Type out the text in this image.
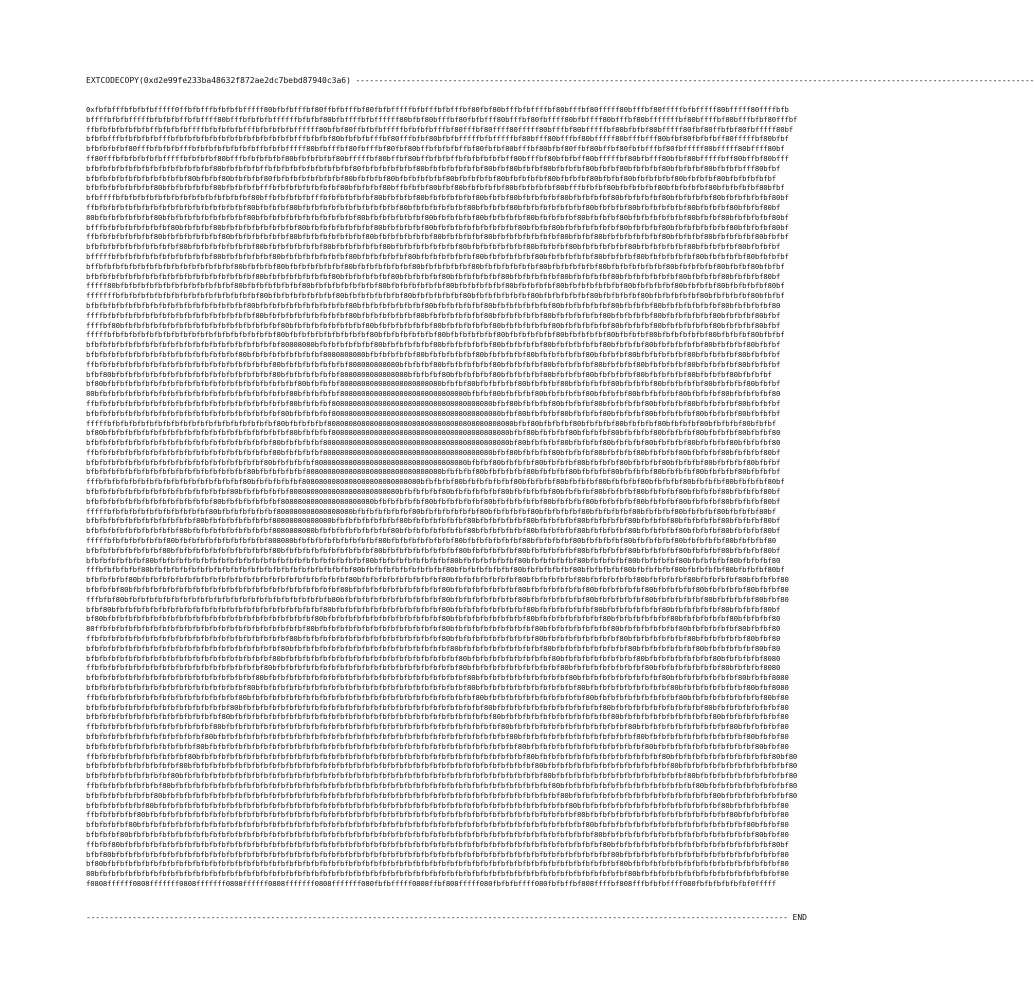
EXTCODECOPY(0xd2e99fe233ba48632f872ae2dc7bebd87940c3a6) ---------------------------------------------------------------------------------------------------------------------------------------------------
0xfbfbfffbfbfbfbfffff0ffbfbfffbfbfbfbfffff80bfbfbfffbf80ffbfbfffbf80fbfbfffffbfbfffbfbfffbf80fbf80bfffbfbffffbf80bfffbf80fffff80bfffbf80fffffbfbfffff80bfffff80ffffbfb
bffffbfbfbfffffbfbfbfbffbfbffff80bfffbfbfbfbffffffbfbfbf80bfbffffbfbffffff80bfbf80bfffbf80fbfbfff80bfffbf80fbffff80bfbffff80bfffbf80bfffffffbf80bffffbf80bfffbfbf80fffbf
ffbfbfbfbfbfbfbffbfbfbfbffffbfbfbfbfbfffbfbfbfbfbffffff80bfbf80ffbfbfbfffffbfbfbfbfffbf80fffbf80ffff80fffff80bfffbf80bfffffbf80bfbfbf80bfffff80fbf80ffbfbf80fbfffff80bf
bfbfbfffbfbfbfbfbfffbfbfbfbfbfbfbfbfbfbfbfbfbfbfbfffbfbfbf80bfbfbfbfffbf80fffbfbf80bfbfbfffffbfbfffffbf80bfff80bfffbf80bfffff80bfffbfff80bfbf80fbfbfbff80fffffbf80bfbf
bfbfbfbfbf80fffbfbfbfbfffbfbfbfbfbfbfbfbffbfbfbfffff80bfbfffbf80fbfffbf80fbf80bffbfbfbfbffbf80fbfbf80bfffbf80bfbf80ffbf80bffbf80fbfbfffbf80fbfffff80bfffff80bffff80bf
ff80fffbfbfbfbfbfbfffffbfbfbfbf80bfffbfbfbfbfbf80bfbfbfbfbf80bfffffbf80bffbf80bffbfbfbffbfbfbfbfbfbff80bfffbf80bfbfbff80bfffffbf80bfbfff80bfbf80bfffffbff80bffbf80bfff
bfbfbfbfbfbfbfbfbfbfbfbfbfbfbf80bfbfbfbfbffbfbfbfbfbfbfbfbfbfbf80fbfbfbfbfbfbf80bfbfbfbfbfbfbf80bfbf80bfbfbf80bfbfbfbf80bfbfbf80bfbfbfbf80bfbfbfbf80bfbfbfbfff80bfbf
bfbfbfbfbfbfbfbfbfbfbfbf80bfbfbf80bfbfbfbf80fbfbfbfbfbfbfbfbf80bfbfbfbf80bfbfbfbfbfbf80bfbfbfbfbf80bfbfbfbfbf80bfbfbfbf80bfbfbf80bfbfbfbfbf80bfbfbfbf80bfbfbfbfbfbf
bfbfbfbfbfbfbfbf80bfbfbfbfbfbf80bfbfbfbfbfffbfbfbfbfbfbfbfbf80bfbfbfbf80bffbfbfbf80bfbf80bfbfbfbfbf80bfbfbfbfbf80bfffbfbfbf80bfbfbfbfbf80bfbfbfbfbf80bfbfbfbfbf80bfbf
bfbffffbfbfbfbfbfbfbfbfbfbfbfbfbfbfbfbf80bffbfbfbfbfbfffbfbfbfbfbfbf80bfbfbfbf80bfbfbfbfbfbf80bfbfbf80bfbfbfbfbf80bfbfbfbfbf80bfbfbfbfbf80bfbfbfbfbf80bfbfbfbfbfbf80bf
ffbfbfbfbfbfbfbfbfbfbfbfbfbfbfbfbfbfbf80bfbfbfbf80bfbfbfbfbfbfbfbfbfbfbfbf80bfbfbfbfbfbfbf80bfbfbfbf80bfbfbfbfbfbfbfbf80bfbfbfbf80bfbfbfbfbfbf80bfbfbfbf80bfbfbf80bf
80bfbfbfbfbfbfbf80bfbfbfbfbfbfbfbfbfbf80bfbfbfbfbfbfbfbfbfbfbfbf80bfbfbfbfbfbfbf80bfbfbfbfbf80bfbfbfbfbf80bfbfbfbfbf80bfbfbfbf80bfbfbfbfbfbfbf80bfbfbf80bfbfbfbfbf80bf
bfffbfbfbfbfbfbfbfbf80bfbfbfbf80bfbfbfbfbfbfbfbfbf80bfbfbfbfbfbfbfbf80bfbfbfbfbf80bfbfbfbfbfbfbfbfbfbf80bfbfbf80bfbfbfbfbfbfbf80bfbfbfbf80bfbfbfbfbfbfbf80bfbfbfbf80bf
ffbfbfbfbfbfbfbf80bfbfbfbfbfbfbf80bfbfbfbfbfbfbf80bfbfbfbfbfbfbfbf80bfbfbfbfbfbfbf80bfbfbfbfbf80bfbfbfbfbfbfbfbf80bfbfbf80bfbfbfbfbfbfbf80bfbfbfbf80bfbfbfbfbf80bfbfbf
bfbfbfbfbfbfbfbfbfbfbf80bfbfbfbfbfbfbfbf80bfbfbfbfbfbfbf80bfbfbfbfbfbf80bfbfbfbfbfbfbfbf80bfbfbfbfbfbfbf80bfbfbfbf80bfbfbfbfbfbf80bfbfbfbfbfbf80bfbfbfbfbf80bfbfbfbf
bfffffbfbfbfbfbfbfbfbfbfbfbfbf80bfbfbfbfbfbf80bfbfbfbfbfbfbfbf80bfbfbfbfbfbf80bfbfbfbfbfbfbf80bfbfbfbfbfbf80bfbfbfbfbfbf80bfbfbfbf80bfbfbfbfbfbf80bfbfbfbfbf80bfbfbfbf
bffbfbfbfbfbfbfbfbfbfbfbfbfbfbfbfbf80bfbfbfbf80bfbfbfbfbfbfbf80bfbfbfbfbfbfbf80bfbfbfbfbfbf80bfbfbfbfbfbfbf80bfbfbfbfbfbf80bfbfbfbfbfbfbf80bfbfbfbfbf80bfbfbf80bfbfbf
bfbfbfbfbfbfbfbfbfbfbfbfbfbfbfbfbfbfbfbf80bfbfbfbfbfbfbfbf80bfbfbfbfbfbf80bfbfbfbfbf80bfbfbfbfbfbf80bfbfbfbfbfbf80bfbfbfbfbf80bfbfbfbfbfbfbf80bfbfbfbf80bfbfbfbf80bf
fffff80bfbfbfbfbfbfbfbfbfbfbfbfbfbf80bfbfbfbfbfbfbf80bfbfbfbfbfbfbfbf80bfbfbfbfbfbfbf80bfbfbfbfbfbf80bfbfbfbfbf80bfbfbfbfbfbfbf80bfbfbfbfbf80bfbfbfbf80bfbfbfbfbf80bf
fffffffbfbfbfbfbfbfbfbfbfbfbfbfbfbfbfbfbf80bfbfbfbfbfbfbfbf80bfbfbfbfbfbfbf80bfbfbfbfbfbf80bfbfbfbfbfbfbf80bfbfbfbfbfbf80bfbfbfbfbf80bfbfbfbfbfbf80bfbfbfbfbf80bfbfbf
bfbfbfbfbfbfbfbfbfbfbfbfbfbfbfbfbfbfbf80bfbfbfbfbfbfbfbfbfbfbf80bfbfbfbfbfbfbfbf80bfbfbfbfbfbf80bfbfbfbfbfbfbf80bfbfbfbfbfbf80bfbfbfbf80bfbfbfbfbfbfbf80bfbfbfbfbf80
ffffbfbfbfbfbfbfbfbfbfbfbfbfbfbfbfbfbfbf80bfbfbfbfbfbfbfbfbfbf80bfbfbfbfbfbfbf80bfbfbfbfbfbfbf80bfbfbfbfbfbf80bfbfbfbfbfbf80bfbfbfbfbf80bfbfbfbfbfbf80bfbfbfbf80bfbf
ffffbf80bfbfbfbfbfbfbfbfbfbfbfbfbfbfbfbfbfbfbf80bfbfbfbfbfbfbfbfbf80bfbfbfbfbfbfbf80bfbfbfbfbfbf80bfbfbfbfbfbf80bfbfbfbfbfbf80bfbfbfbf80bfbfbfbfbfbf80bfbfbfbf80bfbf
fffffbfbfbfbfbfbfbfbfbfbfbfbfbfbfbfbfbfbfbfbf80bfbfbfbfbfbfbfbfbfbf80bfbfbfbfbfbfbf80bfbfbfbfbfbf80bfbfbfbfbfbf80bfbfbfbfbf80bfbfbfbf80bfbfbfbfbfbf80bfbfbfbf80bfbfbf
bfbfbfbfbfbfbfbfbfbfbfbfbfbfbfbfbfbfbfbfbfbfbf80808080bfbfbfbfbfbfbf80bfbfbfbfbfbf80bfbfbfbfbfbf80bfbfbfbfbf80bfbfbfbfbfbf80bfbfbfbf80bfbfbfbfbfbf80bfbfbfbf80bfbfbf
bfbfbfbfbfbfbfbfbfbfbfbfbfbfbfbfbfbf80bfbfbfbfbfbfbfbfbf8080808080bfbfbfbfbfbf80bfbfbfbfbfbf80bfbfbfbfbf80bfbfbfbfbfbf80bfbfbfbf80bfbfbfbfbfbf80bfbfbfbfbf80bfbfbfbf
ffbfbfbfbfbfbfbfbfbfbfbfbfbfbfbfbfbfbfbfbfbf80bfbfbfbfbfbfbfbf808080808080bfbfbfbf80bfbfbfbfbfbf80bfbfbfbfbf80bfbfbfbfbf80bfbfbfbf80bfbfbfbfbf80bfbfbfbfbf80bfbfbfbf
bfbf80bfbfbfbfbfbfbfbfbfbfbfbfbfbfbfbfbfbfbf80bfbfbfbfbfbfbf8080808080808080bfbfbfbf80bfbfbfbfbf80bfbfbfbfbf80bfbfbfbf80bfbfbfbfbf80bfbfbfbfbf80bfbfbfbf80bfbfbfbf
bf80bfbfbfbfbfbfbfbfbfbfbfbfbfbfbfbfbfbfbfbfbfbfbf80bfbfbfbf808080808080808080808080bfbfbf80bfbfbfbfbf80bfbfbfbf80bfbfbfbfbf80bfbfbfbf80bfbfbfbfbf80bfbfbfbf80bfbfbf
80bfbfbfbfbfbfbfbfbfbfbfbfbfbfbfbfbfbfbfbfbfbfbf80bfbfbfbfbf808080808080808080808080808080bfbfbf80bfbfbfbf80bfbfbfbfbf80bfbfbfbf80bfbfbfbfbf80bfbfbfbf80bfbfbfbfbf80
ffbfbfbfbfbfbfbfbfbfbfbfbfbfbfbfbfbfbfbfbfbfbfbf80bfbfbfbf80808080808080808080808080808080808080bfbf80bfbfbfbf80bfbfbfbf80bfbfbfbfbf80bfbfbfbf80bfbfbfbfbf80bfbfbfbf
bfbfbfbfbfbfbfbfbfbfbfbfbfbfbfbfbfbfbfbfbfbfbf80bfbfbfbfbf8080808080808080808080808080808080808080bfbf80bfbfbfbf80bfbfbfbf80bfbfbfbf80bfbfbfbfbf80bfbfbfbf80bfbfbfbf
fffffbfbfbfbfbfbfbfbfbfbfbfbfbfbfbfbfbfbfbfbf80bfbfbfbfbf80808080808080808080808080808080808080808080bfbf80bfbfbfbf80bfbfbfbf80bfbfbfbf80bfbfbfbf80bfbfbfbf80bfbfbf
bf80bfbfbfbfbfbfbfbfbfbfbfbfbfbfbfbfbfbfbfbfbfbf80bfbfbfbf808080808080808080808080808080808080808080bfbf80bfbfbfbf80bfbfbfbf80bfbfbfbf80bfbfbfbf80bfbfbfbf80bfbfbf80
bfbfbfbfbfbfbfbfbfbfbfbfbfbfbfbfbfbfbfbfbfbf80bfbfbfbfbf80808080808080808080808080808080808080808080bf80bfbfbfbf80bfbfbfbf80bfbfbfbf80bfbfbfbf80bfbfbfbf80bfbfbfbf80
ffbfbfbfbfbfbfbfbfbfbfbfbfbfbfbfbfbfbfbfbfbf80bfbfbfbfbf8080808080808080808080808080808080808080bfbf80bfbfbfbf80bfbfbfbf80bfbfbfbf80bfbfbfbf80bfbfbfbf80bfbfbfbf80bf
bfbfbfbfbfbfbfbfbfbfbfbfbfbfbfbfbfbfbfbfbf80bfbfbfbfbf808080808080808080808080808080808080bfbfbf80bfbfbfbf80bfbfbfbf80bfbfbfbf80bfbfbfbf80bfbfbfbf80bfbfbfbf80bfbfbf
bfbfbfbfbfbfbfbfbfbfbfbfbfbfbfbfbfbfbf80bfbfbfbfbfbf80808080808080808080808080808080bfbfbfbf80bfbfbfbfbf80bfbfbfbf80bfbfbfbf80bfbfbfbf80bfbfbfbf80bfbfbfbf80bfbfbfbf
fffbfbfbfbfbfbfbfbfbfbfbfbfbfbfbfbfbf80bfbfbfbfbfbf8080808080808080808080808080bfbfbfbf80bfbfbfbfbfbf80bfbfbfbf80bfbfbfbf80bfbfbfbf80bfbfbfbf80bfbfbfbf80bfbfbfbf80bf
bfbfbfbfbfbfbfbfbfbfbfbfbfbfbfbfbf80bfbfbfbfbfbf80808080808080808080808080bfbfbfbfbf80bfbfbfbfbfbf80bfbfbfbfbf80bfbfbfbf80bfbfbfbf80bfbfbfbf80bfbfbfbf80bfbfbfbf80bf
bfbfbfbfbfbfbfbfbfbfbfbfbfbfbf80bfbfbfbfbfbfbf8080808080808080808080bfbfbfbfbfbf80bfbfbfbfbfbf80bfbfbfbfbfbf80bfbfbfbf80bfbfbfbfbf80bfbfbfbf80bfbfbfbf80bfbfbfbf80bf
fffffbfbfbfbfbfbfbfbfbfbfbfbf80bfbfbfbfbfbfbf808080808080808080bfbfbfbfbfbfbf80bfbfbfbfbfbfbf80bfbfbfbfbf80bfbfbfbfbf80bfbfbfbfbf80bfbfbfbf80bfbfbfbf80bfbfbfbf80bf
bfbfbfbfbfbfbfbfbfbfbfbfbf80bfbfbfbfbfbfbfbf80808080808080bfbfbfbfbfbfbfbf80bfbfbfbfbfbfbf80bfbfbfbfbfbf80bfbfbfbfbf80bfbfbfbfbf80bfbfbfbf80bfbfbfbfbf80bfbfbfbf80bf
bfbfbfbfbfbfbfbfbfbfbf80bfbfbfbfbfbfbfbfbfbf8080808080bfbfbfbfbfbfbfbfbf80bfbfbfbfbfbfbfbf80bfbfbfbfbfbf80bfbfbfbfbf80bfbfbfbfbf80bfbfbfbfbf80bfbfbfbf80bfbfbfbf80bf
fffffbfbfbfbfbfbfbf80bfbfbfbfbfbfbfbfbfbfbf808080bfbfbfbfbfbfbfbfbfbf80bfbfbfbfbfbfbfbf80bfbfbfbfbfbfbf80bfbfbfbfbf80bfbfbfbfbf80bfbfbfbfbf80bfbfbfbfbf80bfbfbfbf80
bfbfbfbfbfbfbfbfbf80bfbfbfbfbfbfbfbfbfbfbfbf80bfbfbfbfbfbfbfbfbfbfbf80bfbfbfbfbfbfbfbfbf80bfbfbfbfbfbf80bfbfbfbfbfbf80bfbfbfbfbf80bfbfbfbfbf80bfbfbfbf80bfbfbfbf80bf
bfbfbfbfbfbfbf80bfbfbfbfbfbfbfbfbfbfbfbfbfbfbfbfbfbfbfbfbfbfbfbfbf80bfbfbfbfbfbfbfbfbf80bfbfbfbfbfbfbf80bfbfbfbfbfbf80bfbfbfbfbf80bfbfbfbfbf80bfbfbfbfbf80bfbfbfbf80
fffbfbfbfbfbf80bfbfbfbfbfbfbfbfbfbfbfbfbfbfbfbfbfbfbfbfbfbfbfbf80bfbfbfbfbfbfbfbfbfbf80bfbfbfbfbfbfbf80bfbfbfbfbfbf80bfbfbfbfbf80bfbfbfbfbf80bfbfbfbfbf80bfbfbfbf80bf
bfbfbfbfbf80bfbfbfbfbfbfbfbfbfbfbfbfbfbfbfbfbfbfbfbfbfbfbfbfbf80bfbfbfbfbfbfbfbfbfbf80bfbfbfbfbfbfbfbf80bfbfbfbfbfbf80bfbfbfbfbfbf80bfbfbfbfbf80bfbfbfbfbf80bfbfbfbf80
bfbfbfbf80bfbfbfbfbfbfbfbfbfbfbfbfbfbfbfbfbfbfbfbfbfbfbfbfbf80bfbfbfbfbfbfbfbfbfbfbf80bfbfbfbfbfbfbfbf80bfbfbfbfbfbfbf80bfbfbfbfbfbf80bfbfbfbfbf80bfbfbfbfbf80bfbfbf80
fffbfbf80bfbfbfbfbfbfbfbfbfbfbfbfbfbfbfbfbfbfbfbfbfbfbfbfb80bfbfbfbfbfbfbfbfbfbfbfbf80bfbfbfbfbfbfbfbf80bfbfbfbfbfbfbf80bfbfbfbfbfbf80bfbfbfbfbfbf80bfbfbfbfbf80bfbf80
bfbf80bfbfbfbfbfbfbfbfbfbfbfbfbfbfbfbfbfbfbfbfbfbfbfbfbf80bfbfbfbfbfbfbfbfbfbfbfbfbf80bfbfbfbfbfbfbfbfbf80bfbfbfbfbfbfbf80bfbfbfbfbfbfbf80bfbfbfbfbfbf80bfbfbfbf80bf
bf80bfbfbfbfbfbfbfbfbfbfbfbfbfbfbfbfbfbfbfbfbfbfbfbfbf80bfbfbfbfbfbfbfbfbfbfbfbfbfbf80bfbfbfbfbfbfbfbfbf80bfbfbfbfbfbfbfbf80bfbfbfbfbfbfbf80bfbfbfbfbfbf80bfbfbfbf80
80ffbfbfbfbfbfbfbfbfbfbfbfbfbfbfbfbfbfbfbfbfbfbfbfbf80bfbfbfbfbfbfbfbfbfbfbfbfbfbfbf80bfbfbfbfbfbfbfbfbfbf80bfbfbfbfbfbfbfbf80bfbfbfbfbfbfbf80bfbfbfbfbfbf80bfbfbf80
ffbfbfbfbfbfbfbfbfbfbfbfbfbfbfbfbfbfbfbfbfbfbfbf80bfbfbfbfbfbfbfbfbfbfbfbfbfbfbfbfbf80bfbfbfbfbfbfbfbfbfbf80bfbfbfbfbfbfbfbfbf80bfbfbfbfbfbfbf80bfbfbfbfbfbf80bfbf80
bfbfbfbfbfbfbfbfbfbfbfbfbfbfbfbfbfbfbfbfbfbfbf80bfbfbfbfbfbfbfbfbfbfbfbfbfbfbfbfbfbfbf80bfbfbfbfbfbfbfbfbfbf80bfbfbfbfbfbfbfbfbf80bfbfbfbfbfbfbf80bfbfbfbfbfbf80bf80
bfbfbfbfbfbfbfbfbfbfbfbfbfbfbfbfbfbfbfbfbfbf80bfbfbfbfbfbfbfbfbfbfbfbfbfbfbfbfbfbfbfbfbf80bfbfbfbfbfbfbfbfbfbf80bfbfbfbfbfbfbfbfbf80bfbfbfbfbfbfbfbf80bfbfbfbfbf8080
ffbfbfbfbfbfbfbfbfbfbfbfbfbfbfbfbfbfbfbfbf80bfbfbfbfbfbfbfbfbfbfbfbfbfbfbfbfbfbfbfbfbfbf80bfbfbfbfbfbfbfbfbfbfbf80bfbfbfbfbfbfbfbfbf80bfbfbfbfbfbfbfbf80bfbfbfbf8080
bfbfbfbfbfbfbfbfbfbfbfbfbfbfbfbfbfbfbfbf80bfbfbfbfbfbfbfbfbfbfbfbfbfbfbfbfbfbfbfbfbfbfbfbf80bfbfbfbfbfbfbfbfbfbfbf80bfbfbfbfbfbfbfbfbfbf80bfbfbfbfbfbfbfbf80bfbfbf8080
bfbfbfbfbfbfbfbfbfbfbfbfbfbfbfbfbfbfbf80bfbfbfbfbfbfbfbfbfbfbfbfbfbfbfbfbfbfbfbfbfbfbfbfbf80bfbfbfbfbfbfbfbfbfbfbfbf80bfbfbfbfbfbfbfbfbfbf80bfbfbfbfbfbfbfbf80bfbf8080
ffbfbfbfbfbfbfbfbfbfbfbfbfbfbfbfbfbf80bfbfbfbfbfbfbfbfbfbfbfbfbfbfbfbfbfbfbfbfbfbfbfbfbfbfbf80bfbfbfbfbfbfbfbfbfbfbfbf80bfbfbfbfbfbfbfbfbfbf80bfbfbfbfbfbfbfbfbf80bf80
bfbfbfbfbfbfbfbfbfbfbfbfbfbfbfbfbf80bfbfbfbfbfbfbfbfbfbfbfbfbfbfbfbfbfbfbfbfbfbfbfbfbfbfbfbfbf80bfbfbfbfbfbfbfbfbfbfbfbfbf80bfbfbfbfbfbfbfbfbfbfbf80bfbfbfbfbfbfbfbf80
bfbfbfbfbfbfbfbfbfbfbfbfbfbfbfbf80bfbfbfbfbfbfbfbfbfbfbfbfbfbfbfbfbfbfbfbfbfbfbfbfbfbfbfbfbfbfbf80bfbfbfbfbfbfbfbfbfbfbfbfbf80bfbfbfbfbfbfbfbfbfbfbf80bfbfbfbfbfbfbf80
ffbfbfbfbfbfbfbfbfbfbfbfbfbfbf80bfbfbfbfbfbfbfbfbfbfbfbfbfbfbfbfbfbfbfbfbfbfbfbfbfbfbfbfbfbfbfbfbf80bfbfbfbfbfbfbfbfbfbfbfbfbfbf80bfbfbfbfbfbfbfbfbfbfbf80bfbfbfbfbf80
bfbfbfbfbfbfbfbfbfbfbfbfbfbf80bfbfbfbfbfbfbfbfbfbfbfbfbfbfbfbfbfbfbfbfbfbfbfbfbfbfbfbfbfbfbfbfbfbfbf80bfbfbfbfbfbfbfbfbfbfbfbfbfbf80bfbfbfbfbfbfbfbfbfbfbfbf80bfbfbf80
bfbfbfbfbfbfbfbfbfbfbfbfbf80bfbfbfbfbfbfbfbfbfbfbfbfbfbfbfbfbfbfbfbfbfbfbfbfbfbfbfbfbfbfbfbfbfbfbfbfbf80bfbfbfbfbfbfbfbfbfbfbfbfbfbf80bfbfbfbfbfbfbfbfbfbfbfbf80bfbf80
ffbfbfbfbfbfbfbfbfbfbfbf80bfbfbfbfbfbfbfbfbfbfbfbfbfbfbfbfbfbfbfbfbfbfbfbfbfbfbfbfbfbfbfbfbfbfbfbfbfbfbf80bfbfbfbfbfbfbfbfbfbfbfbfbfbfbf80bfbfbfbfbfbfbfbfbfbfbfbf80bf80
bfbfbfbfbfbfbfbfbfbfbf80bfbfbfbfbfbfbfbfbfbfbfbfbfbfbfbfbfbfbfbfbfbfbfbfbfbfbfbfbfbfbfbfbfbfbfbfbfbfbfbfbf80bfbfbfbfbfbfbfbfbfbfbfbfbfbfbf80bfbfbfbfbfbfbfbfbfbfbfbfbf80
bfbfbfbfbfbfbfbfbfbf80bfbfbfbfbfbfbfbfbfbfbfbfbfbfbfbfbfbfbfbfbfbfbfbfbfbfbfbfbfbfbfbfbfbfbfbfbfbfbfbfbfbfbf80bfbfbfbfbfbfbfbfbfbfbfbfbfbfbfbf80bfbfbfbfbfbfbfbfbfbfbf80
ffbfbfbfbfbfbfbfbf80bfbfbfbfbfbfbfbfbfbfbfbfbfbfbfbfbfbfbfbfbfbfbfbfbfbfbfbfbfbfbfbfbfbfbfbfbfbfbfbfbfbfbfbfbf80bfbfbfbfbfbfbfbfbfbfbfbfbfbfbfbf80bfbfbfbfbfbfbfbfbfbf80
bfbfbfbfbfbfbfbf80bfbfbfbfbfbfbfbfbfbfbfbfbfbfbfbfbfbfbfbfbfbfbfbfbfbfbfbfbfbfbfbfbfbfbfbfbfbfbfbfbfbfbfbfbfbfbf80bfbfbfbfbfbfbfbfbfbfbfbfbfbfbfbfbf80bfbfbfbfbfbfbfbf80
bfbfbfbfbfbfbf80bfbfbfbfbfbfbfbfbfbfbfbfbfbfbfbfbfbfbfbfbfbfbfbfbfbfbfbfbfbfbfbfbfbfbfbfbfbfbfbfbfbfbfbfbfbfbfbfbf80bfbfbfbfbfbfbfbfbfbfbfbfbfbfbfbfbf80bfbfbfbfbfbf80
ffbfbfbfbfbf80bfbfbfbfbfbfbfbfbfbfbfbfbfbfbfbfbfbfbfbfbfbfbfbfbfbfbfbfbfbfbfbfbfbfbfbfbfbfbfbfbfbfbfbfbfbfbfbfbfbfbf80bfbfbfbfbfbfbfbfbfbfbfbfbfbfbfbfbf80bfbfbfbfbf80
bfbfbfbfbf80bfbfbfbfbfbfbfbfbfbfbfbfbfbfbfbfbfbfbfbfbfbfbfbfbfbfbfbfbfbfbfbfbfbfbfbfbfbfbfbfbfbfbfbfbfbfbfbfbfbfbfbfbf80bfbfbfbfbfbfbfbfbfbfbfbfbfbfbfbfbfbf80bfbfbf80
bfbfbfbf80bfbfbfbfbfbfbfbfbfbfbfbfbfbfbfbfbfbfbfbfbfbfbfbfbfbfbfbfbfbfbfbfbfbfbfbfbfbfbfbfbfbfbfbfbfbfbfbfbfbfbfbfbfbfbf80bfbfbfbfbfbfbfbfbfbfbfbfbfbfbfbfbfbf80bfbf80
ffbfbf80bfbfbfbfbfbfbfbfbfbfbfbfbfbfbfbfbfbfbfbfbfbfbfbfbfbfbfbfbfbfbfbfbfbfbfbfbfbfbfbfbfbfbfbfbfbfbfbfbfbfbfbfbfbfbfbfbf80bfbfbfbfbfbfbfbfbfbfbfbfbfbfbfbfbfbfbf80bf
bfbf80bfbfbfbfbfbfbfbfbfbfbfbfbfbfbfbfbfbfbfbfbfbfbfbfbfbfbfbfbfbfbfbfbfbfbfbfbfbfbfbfbfbfbfbfbfbfbfbfbfbfbfbfbfbfbfbfbfbfbf80bfbfbfbfbfbfbfbfbfbfbfbfbfbfbfbfbfbfbf80
bf80bfbfbfbfbfbfbfbfbfbfbfbfbfbfbfbfbfbfbfbfbfbfbfbfbfbfbfbfbfbfbfbfbfbfbfbfbfbfbfbfbfbfbfbfbfbfbfbfbfbfbfbfbfbfbfbfbfbfbfbfbf80bfbfbfbfbfbfbfbfbfbfbfbfbfbfbfbfbfbf80
80bfbfbfbfbfbfbfbfbfbfbfbfbfbfbfbfbfbfbfbfbfbfbfbfbfbfbfbfbfbfbfbfbfbfbfbfbfbfbfbfbfbfbfbfbfbfbfbfbfbfbfbfbfbfbfbfbfbfbfbfbfbfbf80bfbfbfbfbfbfbfbfbfbfbfbfbfbfbfbfbf80
f0808ffffff0808fffffff0808fffffff0808ffffff0808fffffff0808fffffff080fbfbfffff0808ffbf808fffff080fbfbfbffff080fbfbffbf808ffffbf808fffbfbfbffff080fbfbfbfbfbfbf0fffff
-------------------------------------------------------------------------------------------------------------------------------------------------------- END
